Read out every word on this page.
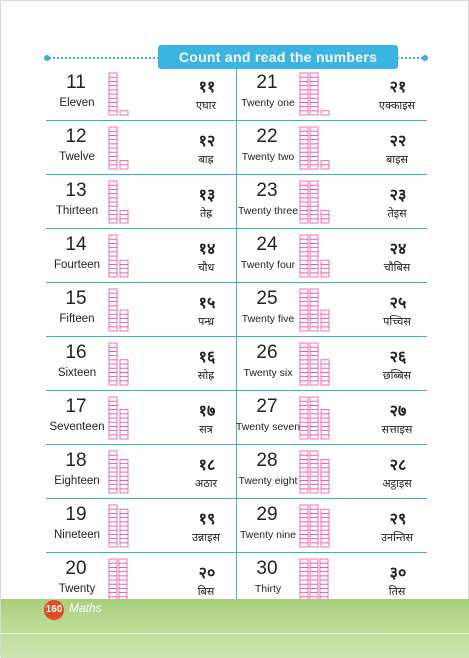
Count and read the numbers
11
Eleven
११
एघार
12
Twelve
१२
बाह्र
13
Thirteen
१३
तेह्र
14
Fourteen
१४
चौध
15
Fifteen
१५
पन्ध्र
16
Sixteen
१६
सोह्र
17
Seventeen
१७
सत्र
18
Eighteen
१८
अठार
19
Nineteen
१९
उन्नाइस
20
Twenty
२०
बिस
21
Twenty one
२१
एक्काइस
22
Twenty two
२२
बाइस
23
Twenty three
२३
तेइस
24
Twenty four
२४
चौबिस
25
Twenty five
२५
पच्चिस
26
Twenty six
२६
छब्बिस
27
Twenty seven
२७
सत्ताइस
28
Twenty eight
२८
अट्ठाइस
29
Twenty nine
२९
उनन्तिस
30
Thirty
३०
तिस
160 Maths
